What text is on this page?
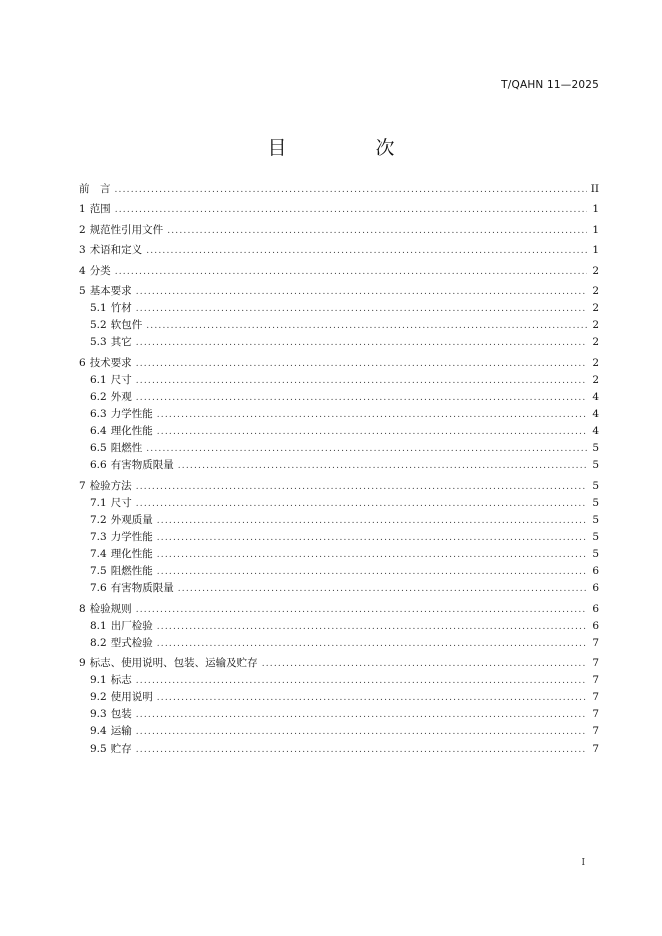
T/QAHN 11—2025
目　次
前　言 .....	II
1 范围 .....	1
2 规范性引用文件 .....	1
3 术语和定义 .....	1
4 分类 .....	2
5 基本要求 .....	2
5.1 竹材 .....	2
5.2 软包件 .....	2
5.3 其它 .....	2
6 技术要求 .....	2
6.1 尺寸 .....	2
6.2 外观 .....	4
6.3 力学性能 .....	4
6.4 理化性能 .....	4
6.5 阻燃性 .....	5
6.6 有害物质限量 .....	5
7 检验方法 .....	5
7.1 尺寸 .....	5
7.2 外观质量 .....	5
7.3 力学性能 .....	5
7.4 理化性能 .....	5
7.5 阻燃性能 .....	6
7.6 有害物质限量 .....	6
8 检验规则 .....	6
8.1 出厂检验 .....	6
8.2 型式检验 .....	7
9 标志、使用说明、包装、运输及贮存 .....	7
9.1 标志 .....	7
9.2 使用说明 .....	7
9.3 包装 .....	7
9.4 运输 .....	7
9.5 贮存 .....	7
I
